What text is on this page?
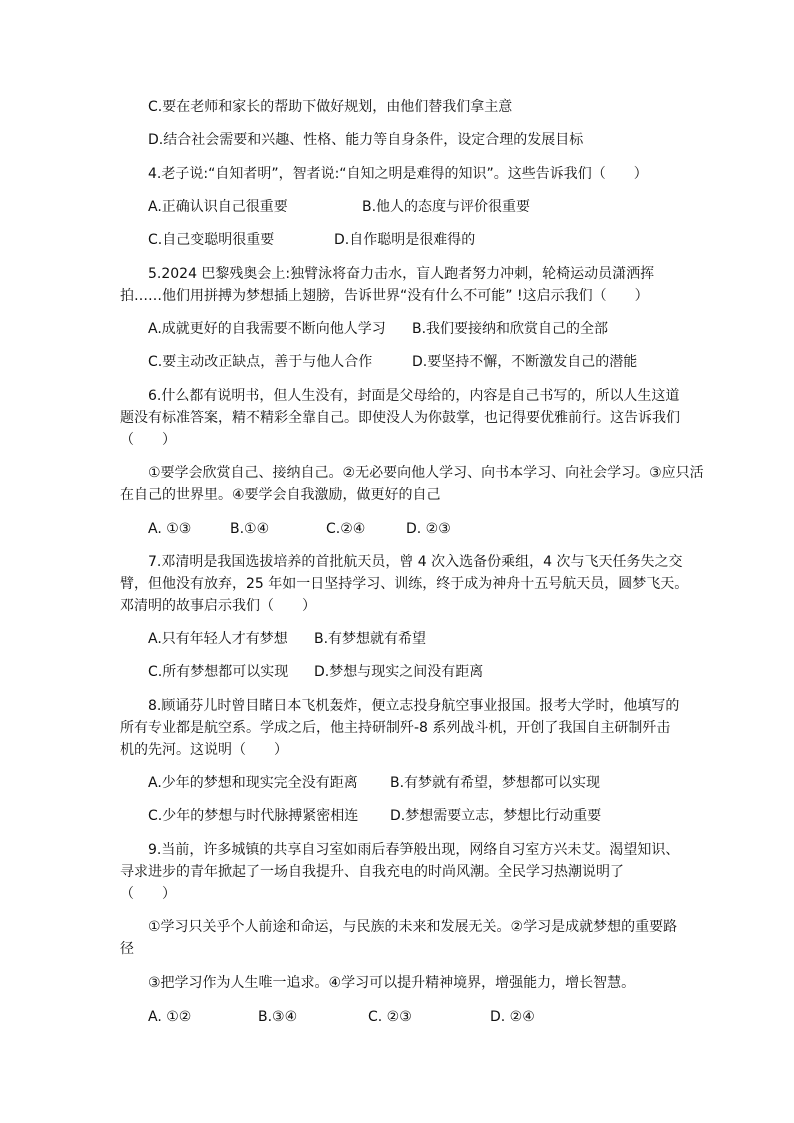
C.要在老师和家长的帮助下做好规划，由他们替我们拿主意
D.结合社会需要和兴趣、性格、能力等自身条件，设定合理的发展目标
4.老子说:“自知者明”，智者说:“自知之明是难得的知识”。这些告诉我们（　　）
A.正确认识自己很重要	B.他人的态度与评价很重要
C.自己变聪明很重要	D.自作聪明是很难得的
5.2024 巴黎残奥会上:独臂泳将奋力击水，盲人跑者努力冲刺，轮椅运动员潇洒挥
拍……他们用拼搏为梦想插上翅膀，告诉世界“没有什么不可能” !这启示我们（　　）
A.成就更好的自我需要不断向他人学习 B.我们要接纳和欣赏自己的全部
C.要主动改正缺点，善于与他人合作	D.要坚持不懈，不断激发自己的潜能
6.什么都有说明书，但人生没有，封面是父母给的，内容是自己书写的，所以人生这道
题没有标准答案，精不精彩全靠自己。即使没人为你鼓掌，也记得要优雅前行。这告诉我们
（　　）
①要学会欣赏自己、接纳自己。②无必要向他人学习、向书本学习、向社会学习。③应只活
在自己的世界里。④要学会自我激励，做更好的自己
A. ①③	B.①④	C.②④	D. ②③
7.邓清明是我国选拔培养的首批航天员，曾 4 次入选备份乘组，4 次与飞天任务失之交
臂，但他没有放弃，25 年如一日坚持学习、训练，终于成为神舟十五号航天员，圆梦飞天。
邓清明的故事启示我们（　　）
A.只有年轻人才有梦想 B.有梦想就有希望
C.所有梦想都可以实现 D.梦想与现实之间没有距离
8.顾诵芬儿时曾目睹日本飞机轰炸，便立志投身航空事业报国。报考大学时，他填写的
所有专业都是航空系。学成之后，他主持研制歼-8 系列战斗机，开创了我国自主研制歼击
机的先河。这说明（　　）
A.少年的梦想和现实完全没有距离 B.有梦就有希望，梦想都可以实现
C.少年的梦想与时代脉搏紧密相连 D.梦想需要立志，梦想比行动重要
9.当前，许多城镇的共享自习室如雨后春笋般出现，网络自习室方兴未艾。渴望知识、
寻求进步的青年掀起了一场自我提升、自我充电的时尚风潮。全民学习热潮说明了
（　　）
①学习只关乎个人前途和命运，与民族的未来和发展无关。②学习是成就梦想的重要路
径
③把学习作为人生唯一追求。④学习可以提升精神境界，增强能力，增长智慧。
A. ①②	B.③④	C. ②③	D. ②④
